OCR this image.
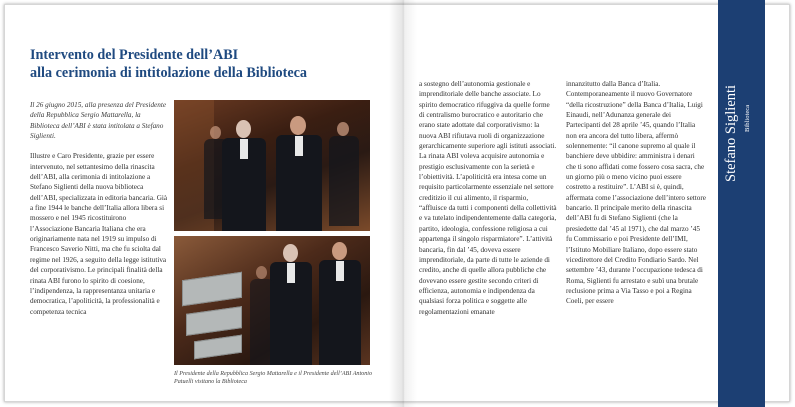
Intervento del Presidente dell’ABI
alla cerimonia di intitolazione della Biblioteca

Il 26 giugno 2015, alla presenza del Presidente della Repubblica Sergio Mattarella, la Biblioteca dell’ABI è stata intitolata a Stefano Siglienti.

Illustre e Caro Presidente, grazie per essere intervenuto, nel settantesimo della rinascita dell’ABI, alla cerimonia di intitolazione a Stefano Siglienti della nuova biblioteca dell’ABI, specializzata in editoria bancaria. Già a fine 1944 le banche dell’Italia allora libera si mossero e nel 1945 ricostituirono l’Associazione Bancaria Italiana che era originariamente nata nel 1919 su impulso di Francesco Saverio Nitti, ma che fu sciolta dal regime nel 1926, a seguito della legge istitutiva del corporativismo. Le principali finalità della rinata ABI furono lo spirito di coesione, l’indipendenza, la rappresentanza unitaria e democratica, l’apoliticità, la professionalità e competenza tecnica

Il Presidente della Repubblica Sergio Mattarella e il Presidente dell’ABI Antonio Patuelli visitano la Biblioteca

a sostegno dell’autonomia gestionale e imprenditoriale delle banche associate. Lo spirito democratico rifuggiva da quelle forme di centralismo burocratico e autoritario che erano state adottate dal corporativismo: la nuova ABI rifiutava ruoli di organizzazione gerarchicamente superiore agli istituti associati. La rinata ABI voleva acquisire autonomia e prestigio esclusivamente con la serietà e l’obiettività. L’apoliticità era intesa come un requisito particolarmente essenziale nel settore creditizio il cui alimento, il risparmio, “affluisce da tutti i componenti della collettività e va tutelato indipendentemente dalla categoria, partito, ideologia, confessione religiosa a cui appartenga il singolo risparmiatore”. L’attività bancaria, fin dal ’45, doveva essere imprenditoriale, da parte di tutte le aziende di credito, anche di quelle allora pubbliche che dovevano essere gestite secondo criteri di efficienza, autonomia e indipendenza da qualsiasi forza politica e soggette alle regolamentazioni emanate

innanzitutto dalla Banca d’Italia. Contemporaneamente il nuovo Governatore “della ricostruzione” della Banca d’Italia, Luigi Einaudi, nell’Adunanza generale dei Partecipanti del 28 aprile ’45, quando l’Italia non era ancora del tutto libera, affermò solennemente: “il canone supremo al quale il banchiere deve ubbidire: amministra i denari che ti sono affidati come fossero cosa sacra, che un giorno più o meno vicino puoi essere costretto a restituire”. L’ABI si è, quindi, affermata come l’associazione dell’intero settore bancario. Il principale merito della rinascita dell’ABI fu di Stefano Siglienti (che la presiedette dal ’45 al 1971), che dal marzo ’45 fu Commissario e poi Presidente dell’IMI, l’Istituto Mobiliare Italiano, dopo essere stato vicedirettore del Credito Fondiario Sardo. Nel settembre ’43, durante l’occupazione tedesca di Roma, Siglienti fu arrestato e subì una brutale reclusione prima a Via Tasso e poi a Regina Coeli, per essere

Biblioteca
